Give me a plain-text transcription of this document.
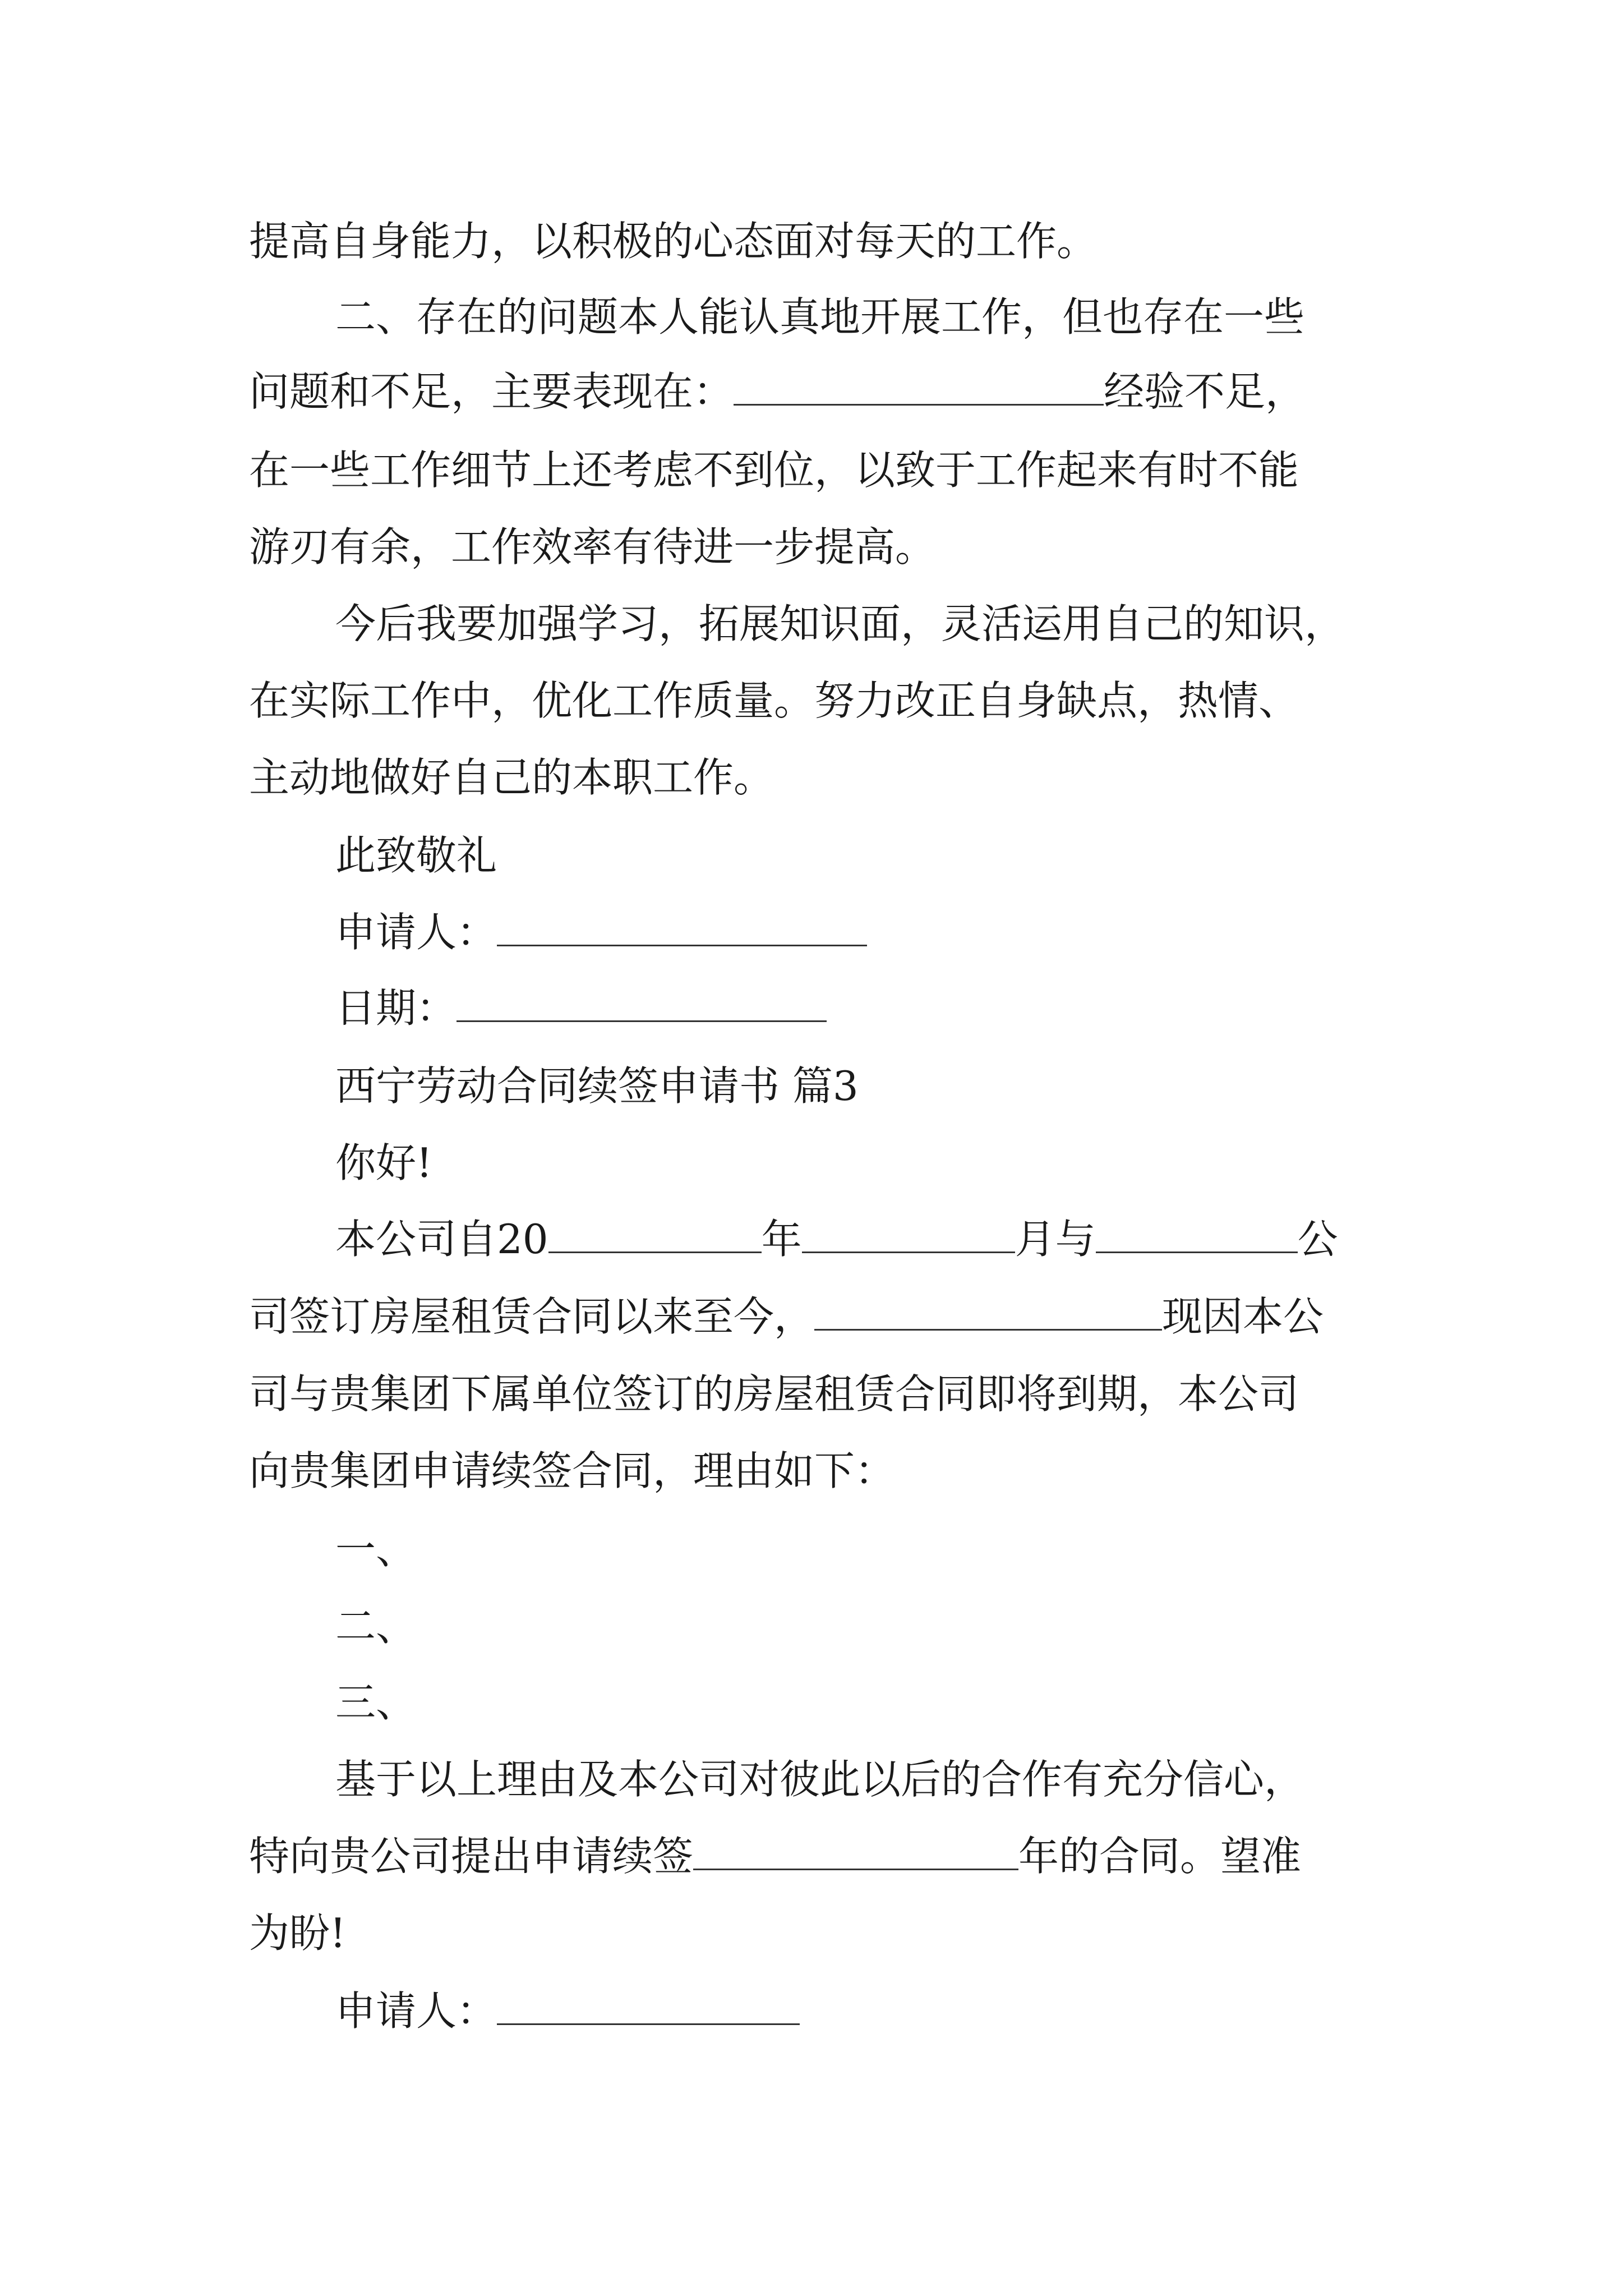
提高自身能力，以积极的心态面对每天的工作。
二、存在的问题本人能认真地开展工作，但也存在一些
问题和不足，主要表现在：	经验不足，
在一些工作细节上还考虑不到位，以致于工作起来有时不能
游刃有余，工作效率有待进一步提高。
今后我要加强学习，拓展知识面，灵活运用自己的知识，
在实际工作中，优化工作质量。努力改正自身缺点，热情、
主动地做好自己的本职工作。
此致敬礼
申请人：
日期：
西宁劳动合同续签申请书 篇3
你好!
本公司自20	年	月与	公
司签订房屋租赁合同以来至今，	现因本公
司与贵集团下属单位签订的房屋租赁合同即将到期，本公司
向贵集团申请续签合同，理由如下：
一、
二、
三、
基于以上理由及本公司对彼此以后的合作有充分信心，
特向贵公司提出申请续签	年的合同。望准
为盼!
申请人：
